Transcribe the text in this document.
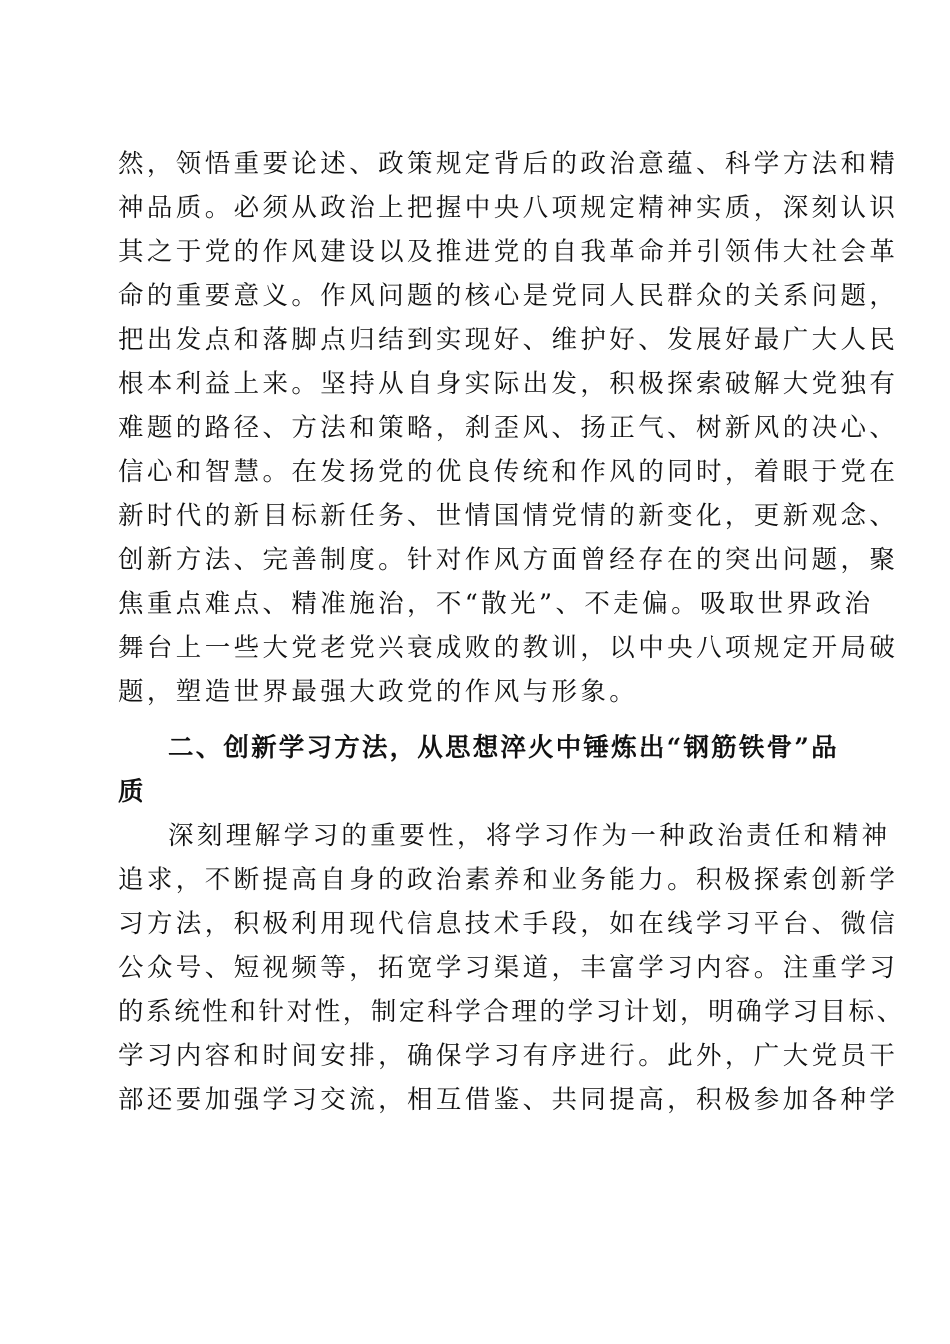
然，领悟重要论述、政策规定背后的政治意蕴、科学方法和精
神品质。必须从政治上把握中央八项规定精神实质，深刻认识
其之于党的作风建设以及推进党的自我革命并引领伟大社会革
命的重要意义。作风问题的核心是党同人民群众的关系问题，
把出发点和落脚点归结到实现好、维护好、发展好最广大人民
根本利益上来。坚持从自身实际出发，积极探索破解大党独有
难题的路径、方法和策略，刹歪风、扬正气、树新风的决心、
信心和智慧。在发扬党的优良传统和作风的同时，着眼于党在
新时代的新目标新任务、世情国情党情的新变化，更新观念、
创新方法、完善制度。针对作风方面曾经存在的突出问题，聚
焦重点难点、精准施治，不“散光”、不走偏。吸取世界政治
舞台上一些大党老党兴衰成败的教训，以中央八项规定开局破
题，塑造世界最强大政党的作风与形象。
二、创新学习方法，从思想淬火中锤炼出“钢筋铁骨”品
质
深刻理解学习的重要性，将学习作为一种政治责任和精神
追求，不断提高自身的政治素养和业务能力。积极探索创新学
习方法，积极利用现代信息技术手段，如在线学习平台、微信
公众号、短视频等，拓宽学习渠道，丰富学习内容。注重学习
的系统性和针对性，制定科学合理的学习计划，明确学习目标、
学习内容和时间安排，确保学习有序进行。此外，广大党员干
部还要加强学习交流，相互借鉴、共同提高，积极参加各种学
